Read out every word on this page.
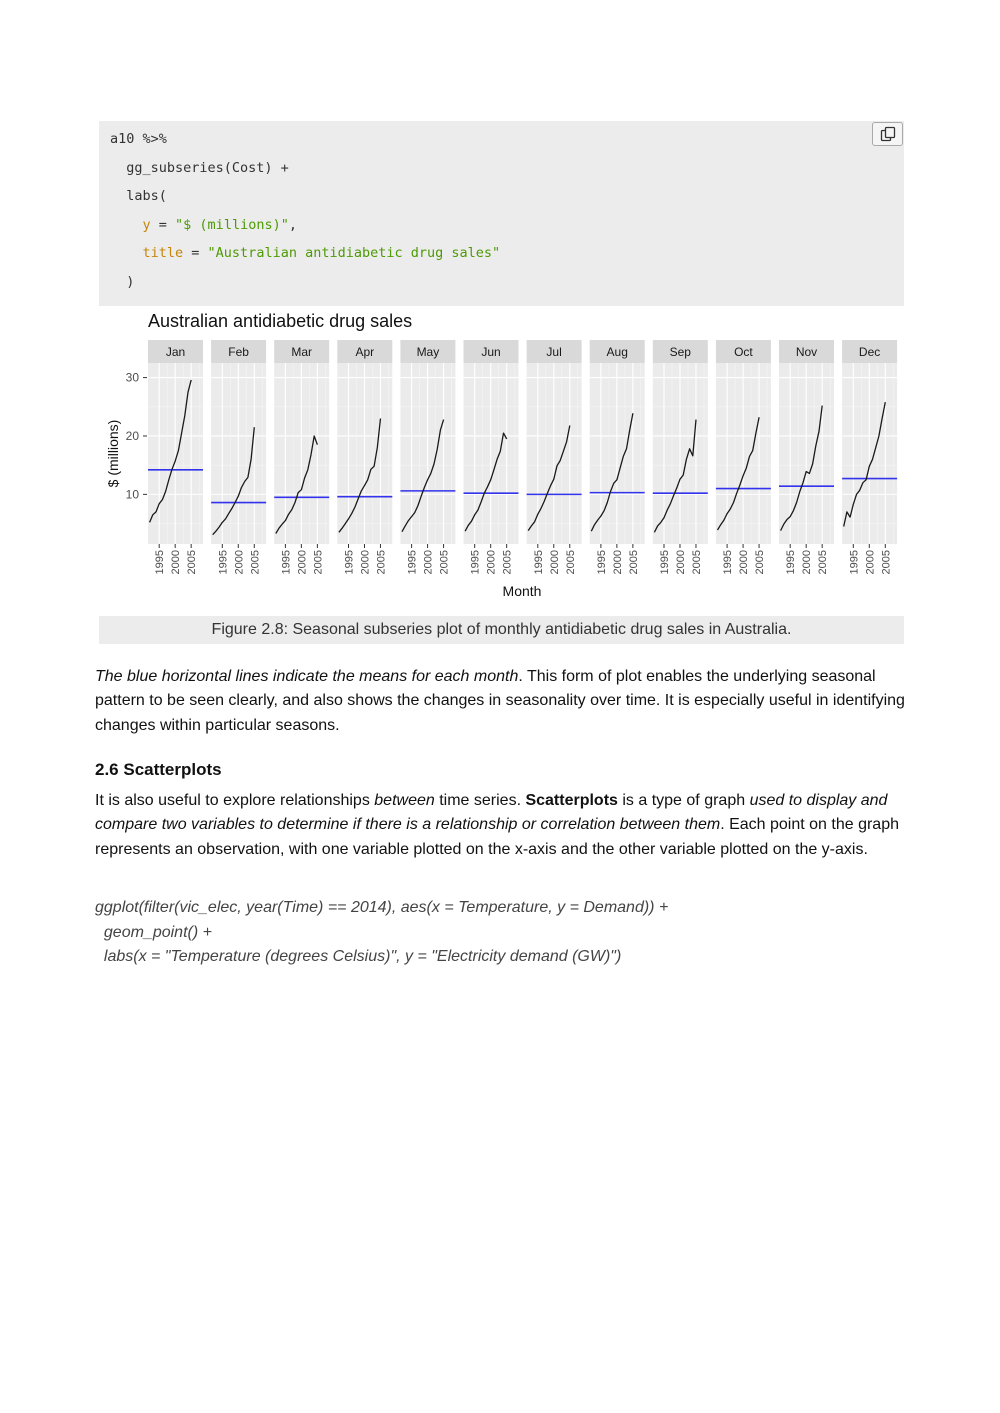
a10 %>%
gg_subseries(Cost) +
labs(
y = "$ (millions)",
title = "Australian antidiabetic drug sales"
)
Australian antidiabetic drug sales
10
20
30
$ (millions)
Month
Jan
1995 2000 2005
Feb
1995 2000 2005
Mar
1995 2000 2005
Apr
1995 2000 2005
May
1995 2000 2005
Jun
1995 2000 2005
Jul
1995 2000 2005
Aug
1995 2000 2005
Sep
1995 2000 2005
Oct
1995 2000 2005
Nov
1995 2000 2005
Dec
1995 2000 2005
Figure 2.8: Seasonal subseries plot of monthly antidiabetic drug sales in Australia.
The blue horizontal lines indicate the means for each month. This form of plot enables the underlying seasonal pattern to be seen clearly, and also shows the changes in seasonality over time. It is especially useful in identifying changes within particular seasons.
2.6 Scatterplots
It is also useful to explore relationships between time series. Scatterplots is a type of graph used to display and compare two variables to determine if there is a relationship or correlation between them. Each point on the graph represents an observation, with one variable plotted on the x-axis and the other variable plotted on the y-axis.
ggplot(filter(vic_elec, year(Time) == 2014), aes(x = Temperature, y = Demand)) +
geom_point() +
labs(x = "Temperature (degrees Celsius)", y = "Electricity demand (GW)")
